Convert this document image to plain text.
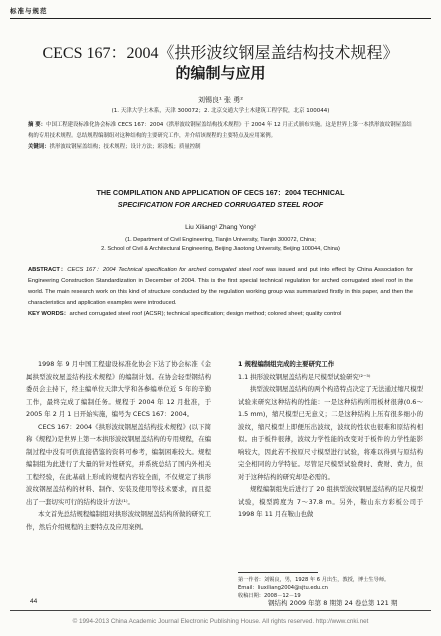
标准与规范
CECS 167：2004《拱形波纹钢屋盖结构技术规程》
的编制与应用
刘锡良¹ 张 勇²
(1. 天津大学土木系，天津 300072；2. 北京交通大学土木建筑工程学院，北京 100044)
摘 要：中国工程建设标准化协会标准 CECS 167：2004《拱形波纹钢屋盖结构技术规程》于 2004 年 12 月正式颁布实施。这是世界上第一本拱形波纹钢屋盖结构的专用技术规程。总结规程编制组对这种结构的主要研究工作，并介绍该规程的主要特点及应用案例。
关键词：拱形波纹钢屋盖结构；技术规程；设计方法；彩涂板；质量控制
THE COMPILATION AND APPLICATION OF CECS 167：2004 TECHNICAL
SPECIFICATION FOR ARCHED CORRUGATED STEEL ROOF
Liu Xiliang¹ Zhang Yong²
(1. Department of Civil Engineering, Tianjin University, Tianjin 300072, China;
2. School of Civil & Architectural Engineering, Beijing Jiaotong University, Beijing 100044, China)
ABSTRACT：CECS 167：2004 Technical specification for arched corrugated steel roof was issued and put into effect by China Association for Engineering Construction Standardization in December of 2004. This is the first special technical regulation for arched corrugated steel roof in the world. The main research work on this kind of structure conducted by the regulation working group was summarized firstly in this paper, and then the characteristics and application examples were introduced.
KEY WORDS：arched corrugated steel roof (ACSR); technical specification; design method; colored sheet; quality control

1998 年 9 月中国工程建设标准化协会下达了协会标准《金属拱型波纹屋盖结构技术规程》的编制计划。在协会轻型钢结构委员会主持下，经主编单位天津大学和各参编单位近 5 年的辛勤工作，最终完成了编制任务。规程于 2004 年 12 月批准，于 2005 年 2 月 1 日开始实施，编号为 CECS 167：2004。

CECS 167：2004《拱形波纹钢屋盖结构技术规程》(以下简称《规程》)是世界上第一本拱形波纹钢屋盖结构的专用规程，在编制过程中没有可供直接借鉴的资料可参考，编制困难较大。规程编制组为此进行了大量的针对性研究，并系统总结了国内外相关工程经验，在此基础上形成的规程内容较全面，不仅规定了拱形波纹钢屋盖结构的材料、制作、安装及使用等技术要求，而且提出了一套切实可行的结构设计方法⁽¹⁾。

本文首先总结规程编制组对拱形波纹钢屋盖结构所做的研究工作，然后介绍规程的主要特点及应用案例。

1 规程编制组完成的主要研究工作

1.1 拱形波纹钢屋盖结构足尺模型试验研究⁽²⁻⁵⁾

拱型波纹钢屋盖结构的两个构造特点决定了无法通过缩尺模型试验来研究这种结构的性能：一是这种结构所用板材很薄(0.6～1.5 mm)，缩尺模型已无意义；二是这种结构上压有很多细小的波纹，缩尺模型上即便压出波纹，波纹的性状也很难和原结构相似。由于板件很薄，波纹力学性能的改变对于板件的力学性能影响较大，因此若不按原尺寸模型进行试验，将难以得到与原结构完全相同的力学特征。尽管足尺模型试验费时、费财、费力，但对于这种结构的研究却是必需的。

规程编制组先后进行了 20 组拱型波纹钢屋盖结构的足尺模型试验，模型跨度为 7～37.8 m。另外，鞍山东方彩板公司于 1998 年 11 月在鞍山也做

第一作者：刘锡良，男，1928 年 6 月出生，教授，博士生导师。
Email：liuxiliang2004@sjtu.edu.cn
收稿日期：2008－12－19
44	钢结构 2009 年第 8 期第 24 卷总第 121 期
© 1994-2013 China Academic Journal Electronic Publishing House. All rights reserved. http://www.cnki.net
